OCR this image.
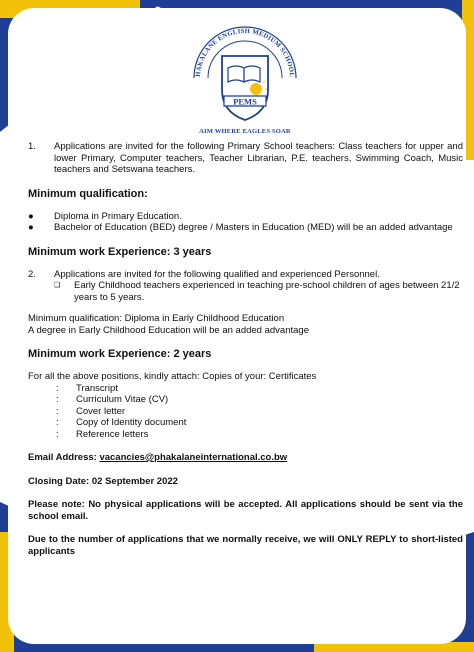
HAKALANE ENGLISH MEDIUM SCHOOL
PEMS
AIM WHERE EAGLES SOAR
1.	Applications are invited for the following Primary School teachers: Class teachers for upper and lower Primary, Computer teachers, Teacher Librarian, P.E. teachers, Swimming Coach, Music teachers and Setswana teachers.
Minimum qualification:
●	Diploma in Primary Education.
●	Bachelor of Education (BED) degree / Masters in Education (MED) will be an added advantage
Minimum work Experience: 3 years
2.	Applications are invited for the following qualified and experienced Personnel.
❑	Early Childhood teachers experienced in teaching pre-school children of ages between 21/2 years to 5 years.
Minimum qualification: Diploma in Early Childhood Education
A degree in Early Childhood Education will be an added advantage
Minimum work Experience: 2 years
For all the above positions, kindly attach: Copies of your: Certificates
:	Transcript
:	Curriculum Vitae (CV)
:	Cover letter
:	Copy of Identity document
:	Reference letters
Email Address: vacancies@phakalaneinternational.co.bw
Closing Date: 02 September 2022
Please note: No physical applications will be accepted. All applications should be sent via the school email.
Due to the number of applications that we normally receive, we will ONLY REPLY to short-listed applicants
